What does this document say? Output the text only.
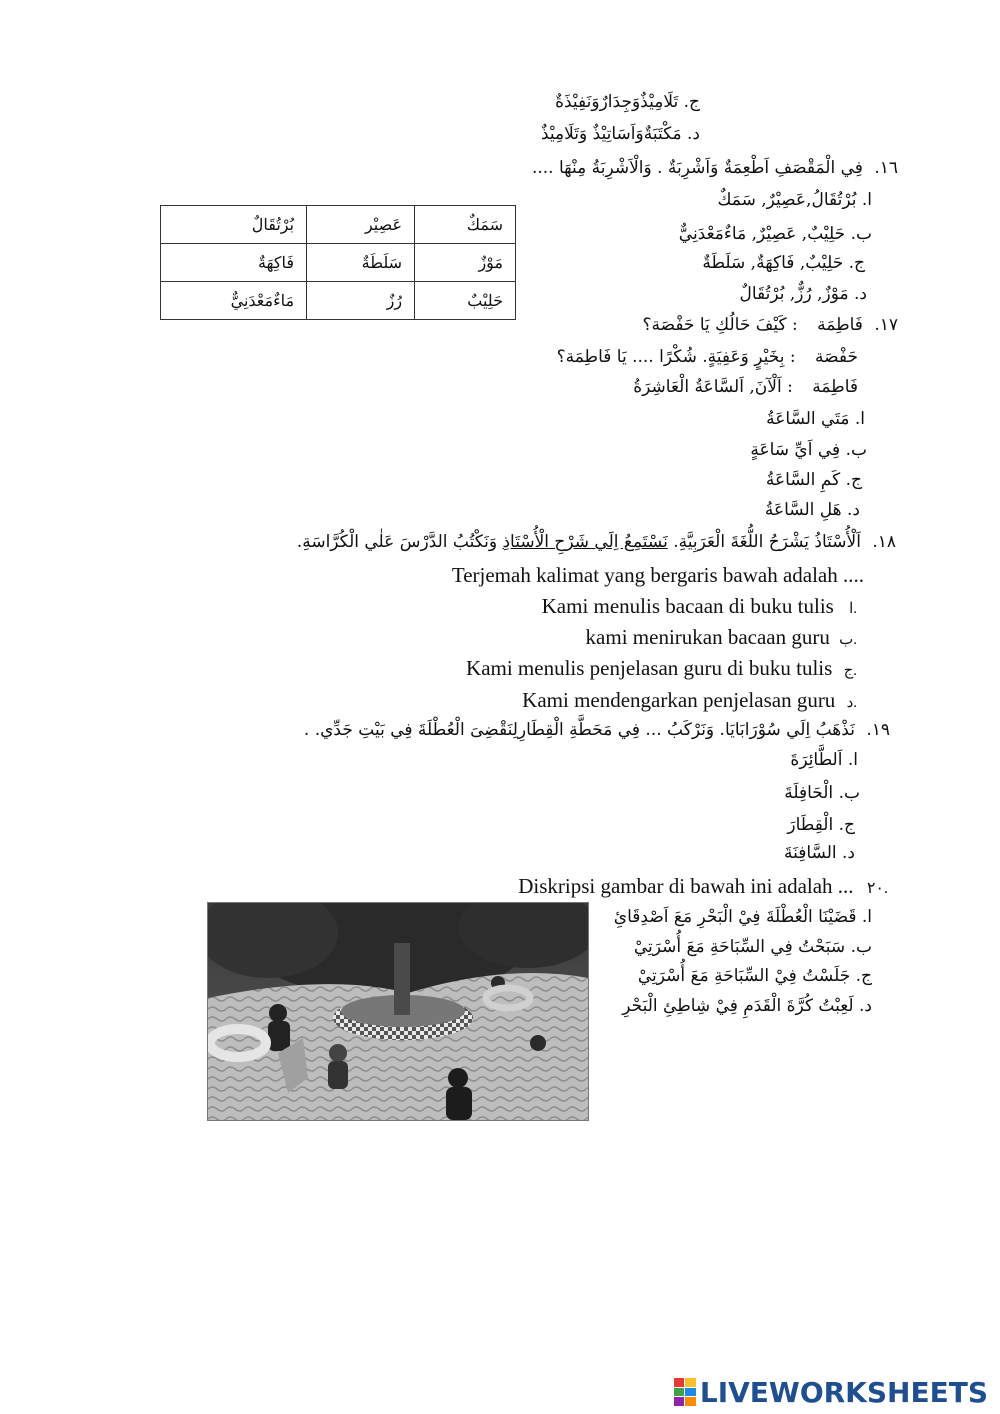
ج. تَلَامِيْذٌوَجِدَارٌوَنَفِيْذَةٌ
د. مَكْتَبَةٌوَاَسَاتِيْذٌ وَتَلَامِيْذٌ
١٦. فِي الْمَقْصَفِ اَطْعِمَةٌ وَاَشْرِبَةٌ . وَالْاَشْرِبَةُ مِنْهَا ....
ا. بُرْتُقَالُ,عَصِيْرٌ, سَمَكٌ
ب. حَلِيْبٌ, عَصِيْرٌ, مَاءٌمَعْدَنِيٌّ
ج. حَلِيْبٌ, فَاكِهَةٌ, سَلَطَةٌ
د. مَوْزٌ, رُزٌّ, بُرْتُقَالٌ
سَمَكٌ	عَصِيْر	بُرْتُقَالٌ
مَوْزٌ	سَلَطَةٌ	فَاكِهَةٌ
حَلِيْبٌ	رُزٌ	مَاءٌمَعْدَنِيٌّ
١٧. فَاطِمَة : كَيْفَ حَالُكِ يَا حَفْصَة؟
حَفْصَة : بِخَيْرٍ وَعَفِيَةٍ. شُكْرًا .... يَا فَاطِمَة؟
فَاطِمَة : اَلْآنَ, اَلسَّاعَةُ الْعَاشِرَةُ
ا. مَتَي السَّاعَةُ
ب. فِي اَيِّ سَاعَةٍ
ج. كَمِ السَّاعَةُ
د. هَلِ السَّاعَةُ
١٨. اَلْأُسْتَاذُ يَشْرَحُ اللُّغَةَ الْعَرَبِيَّةِ. نَسْتَمِعُ اِلَي شَرْحِ الْأُسْتَاذِ وَنَكْتُبُ الدَّرْسَ عَلٰي الْكُرَّاسَةِ.
Terjemah kalimat yang bergaris bawah adalah ....
Kami menulis bacaan di buku tulis ا.
kami menirukan bacaan guru ب.
Kami menulis penjelasan guru di buku tulis ج.
Kami mendengarkan penjelasan guru د.
١٩. نَذْهَبُ اِلَي سُوْرَابَايَا. وَنَرْكَبُ ... فِي مَحَطَّةِ الْقِطَارِلِنَقْضِىَ الْعُطْلَةَ فِي بَيْتِ جَدِّي. .
ا. اَلطَّائِرَةَ
ب. الْحَافِلَةَ
ج. الْقِطَارَ
د. السَّافِنَةَ
Diskripsi gambar di bawah ini adalah ... ٢٠.
ا. قَضَيْنَا الْعُطْلَةَ فِيْ الْبَحْرِ مَعَ اَصْدِقَائِ
ب. سَبَحْتُ فِي السِّبَاحَةِ مَعَ أُسْرَتِيْ
ج. جَلَسْتُ فِيْ السِّبَاحَةِ مَعَ أُسْرَتِيْ
د. لَعِبْتُ كُرَّةَ الْقَدَمِ فِيْ شِاطِئِ الْبَحْرِ
LIVEWORKSHEETS
